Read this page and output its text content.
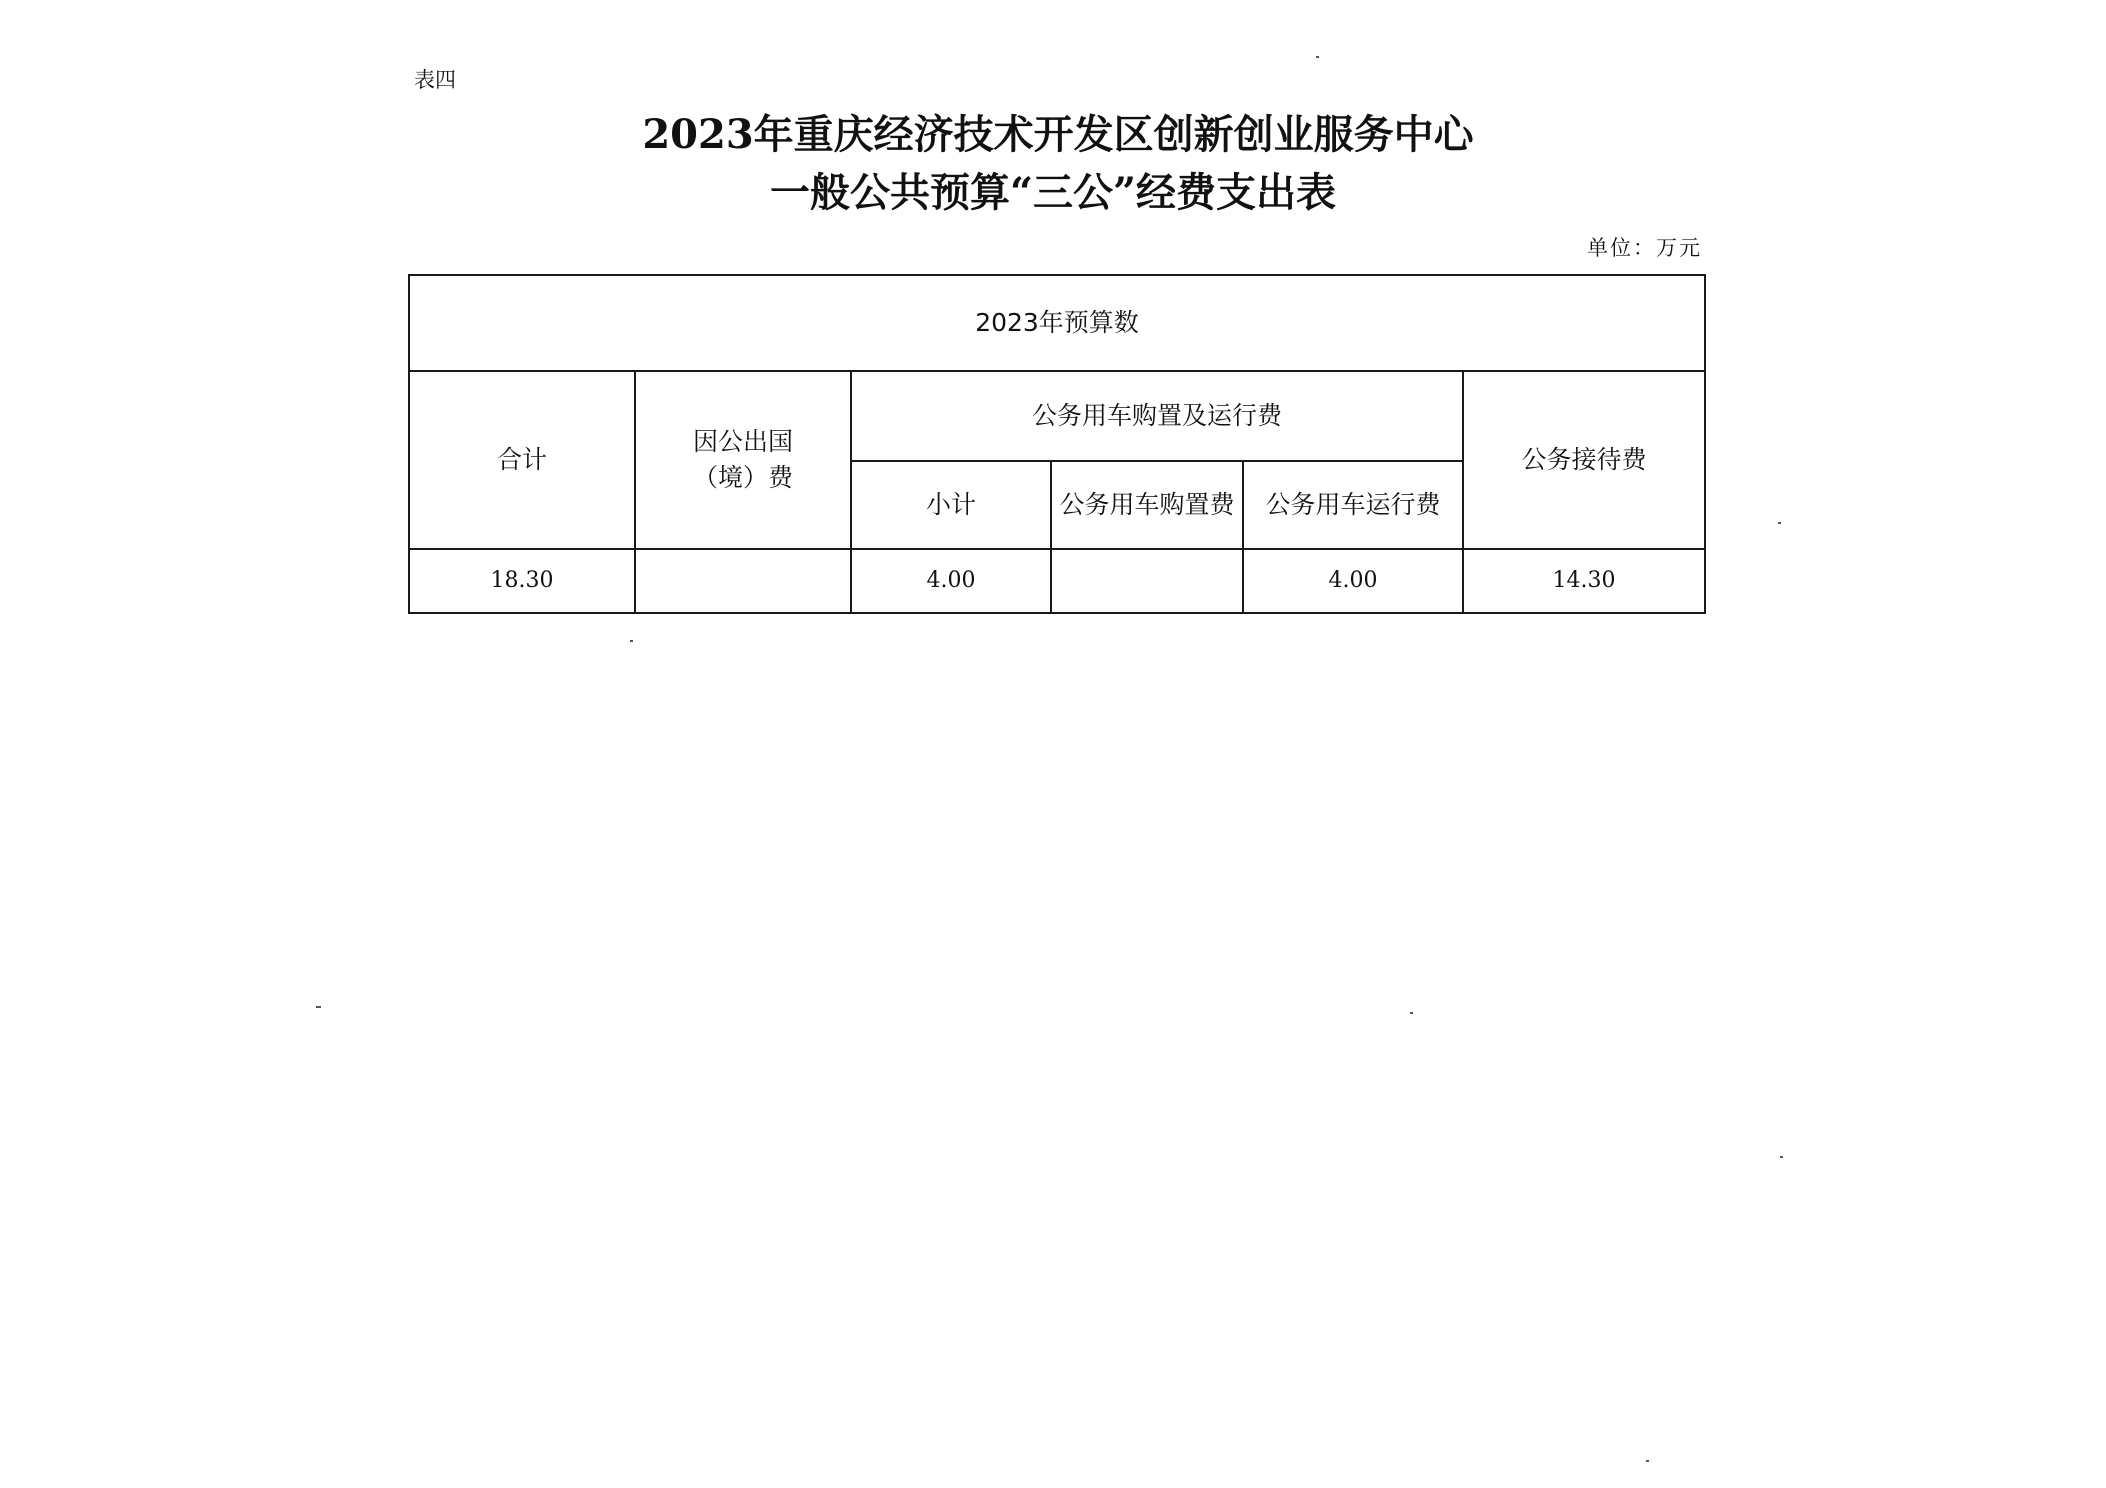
表四
2023年重庆经济技术开发区创新创业服务中心
一般公共预算“三公”经费支出表
单位：万元
2023年预算数					
合计	因公出国（境）费	公务用车购置及运行费			公务接待费
		小计	公务用车购置费	公务用车运行费	

18.30		4.00		4.00	14.30
